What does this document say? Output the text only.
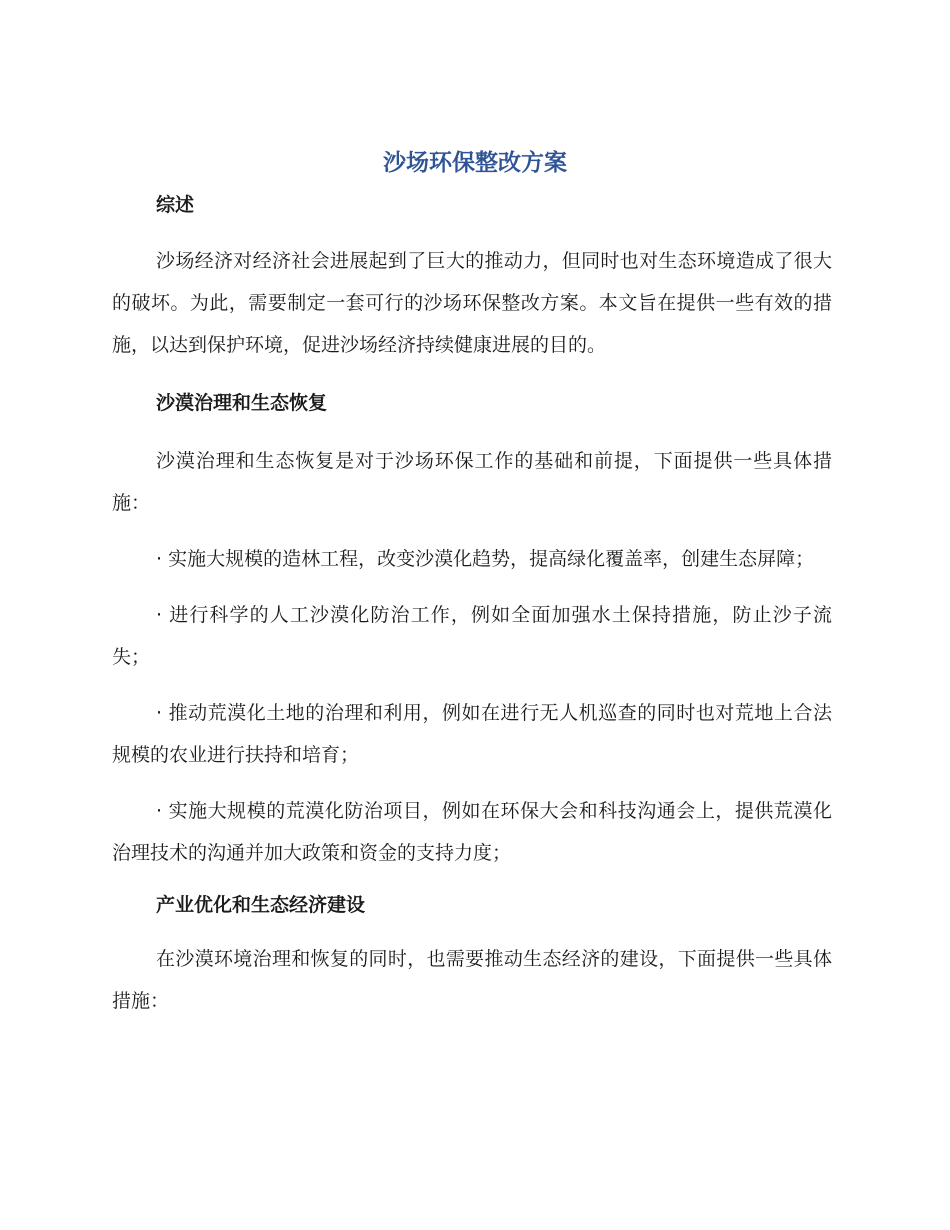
沙场环保整改方案
综述

沙场经济对经济社会进展起到了巨大的推动力，但同时也对生态环境造成了很大的破坏。为此，需要制定一套可行的沙场环保整改方案。本文旨在提供一些有效的措施，以达到保护环境，促进沙场经济持续健康进展的目的。

沙漠治理和生态恢复

沙漠治理和生态恢复是对于沙场环保工作的基础和前提，下面提供一些具体措施：

· 实施大规模的造林工程，改变沙漠化趋势，提高绿化覆盖率，创建生态屏障；

· 进行科学的人工沙漠化防治工作，例如全面加强水土保持措施，防止沙子流失；

· 推动荒漠化土地的治理和利用，例如在进行无人机巡查的同时也对荒地上合法规模的农业进行扶持和培育；

· 实施大规模的荒漠化防治项目，例如在环保大会和科技沟通会上，提供荒漠化治理技术的沟通并加大政策和资金的支持力度；

产业优化和生态经济建设

在沙漠环境治理和恢复的同时，也需要推动生态经济的建设，下面提供一些具体措施：
